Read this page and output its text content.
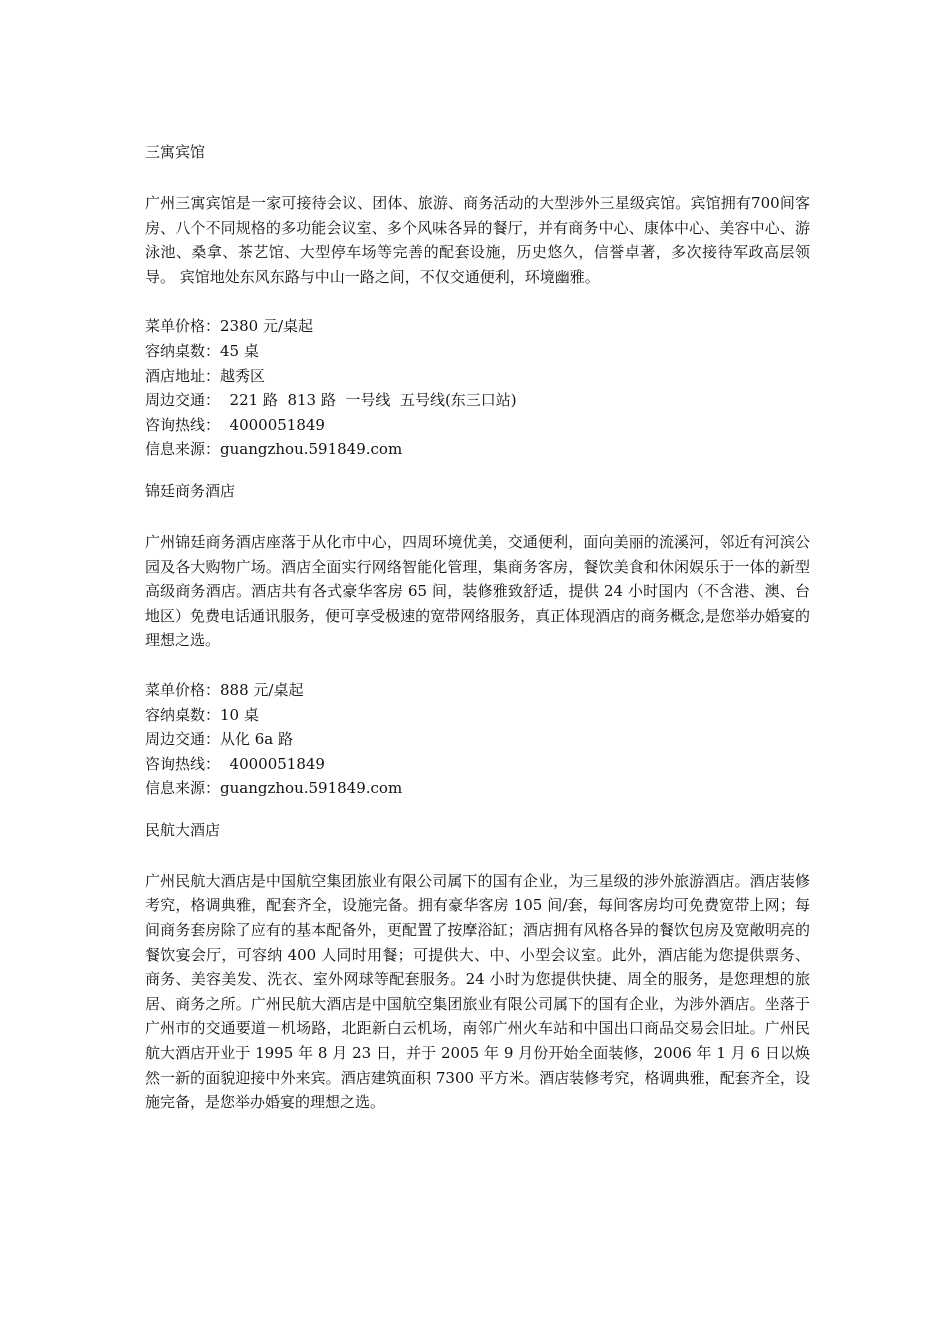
三寓宾馆

广州三寓宾馆是一家可接待会议、团体、旅游、商务活动的大型涉外三星级宾馆。宾馆拥有700间客房、八个不同规格的多功能会议室、多个风味各异的餐厅，并有商务中心、康体中心、美容中心、游泳池、桑拿、茶艺馆、大型停车场等完善的配套设施，历史悠久，信誉卓著，多次接待军政高层领导。 宾馆地处东风东路与中山一路之间，不仅交通便利，环境幽雅。

菜单价格：2380 元/桌起
容纳桌数：45 桌
酒店地址：越秀区
周边交通：  221 路  813 路  一号线  五号线(东三口站)
咨询热线：  4000051849
信息来源：guangzhou.591849.com

锦廷商务酒店

广州锦廷商务酒店座落于从化市中心，四周环境优美，交通便利，面向美丽的流溪河，邻近有河滨公园及各大购物广场。酒店全面实行网络智能化管理，集商务客房，餐饮美食和休闲娱乐于一体的新型高级商务酒店。酒店共有各式豪华客房 65 间，装修雅致舒适，提供 24 小时国内（不含港、澳、台地区）免费电话通讯服务，便可享受极速的宽带网络服务，真正体现酒店的商务概念,是您举办婚宴的理想之选。

菜单价格：888 元/桌起
容纳桌数：10 桌
周边交通：从化 6a 路
咨询热线：  4000051849
信息来源：guangzhou.591849.com

民航大酒店

广州民航大酒店是中国航空集团旅业有限公司属下的国有企业，为三星级的涉外旅游酒店。酒店装修考究，格调典雅，配套齐全，设施完备。拥有豪华客房 105 间/套，每间客房均可免费宽带上网；每间商务套房除了应有的基本配备外，更配置了按摩浴缸；酒店拥有风格各异的餐饮包房及宽敞明亮的餐饮宴会厅，可容纳 400 人同时用餐；可提供大、中、小型会议室。此外，酒店能为您提供票务、商务、美容美发、洗衣、室外网球等配套服务。24 小时为您提供快捷、周全的服务，是您理想的旅居、商务之所。广州民航大酒店是中国航空集团旅业有限公司属下的国有企业，为涉外酒店。坐落于广州市的交通要道－机场路，北距新白云机场，南邻广州火车站和中国出口商品交易会旧址。广州民航大酒店开业于 1995 年 8 月 23 日，并于 2005 年 9 月份开始全面装修，2006 年 1 月 6 日以焕然一新的面貌迎接中外来宾。酒店建筑面积 7300 平方米。酒店装修考究，格调典雅，配套齐全，设施完备，是您举办婚宴的理想之选。
